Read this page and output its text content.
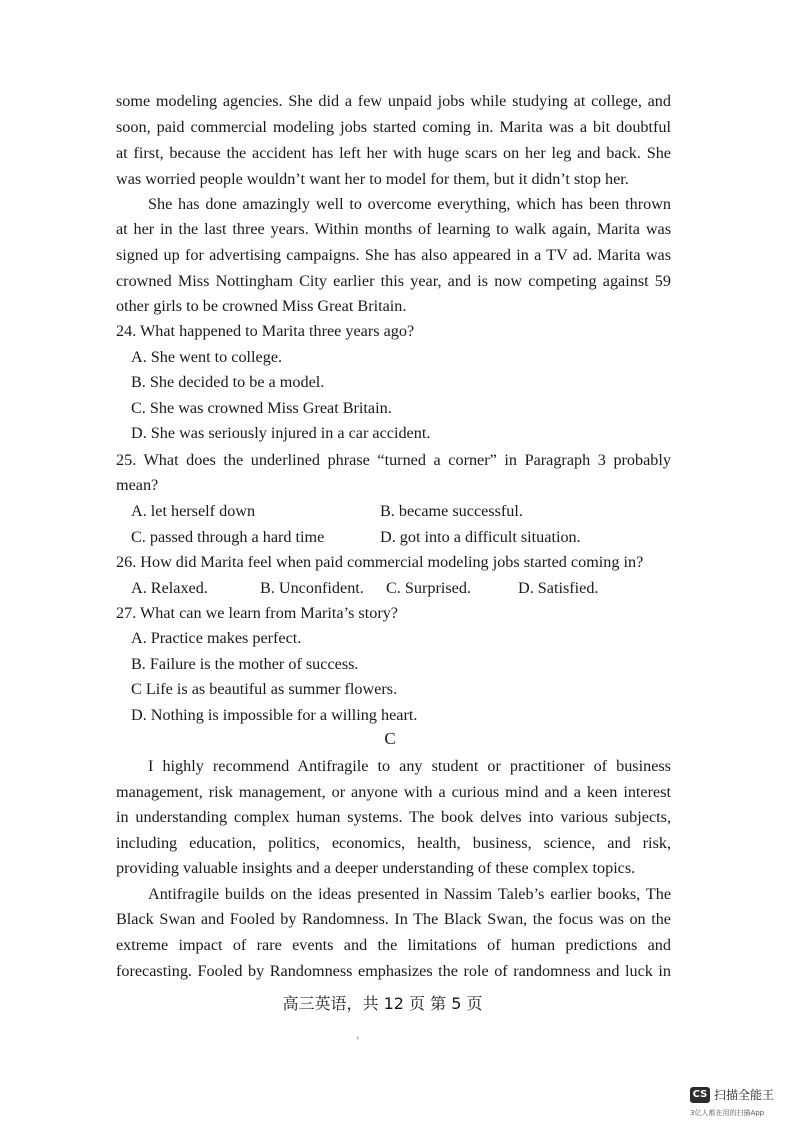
some modeling agencies. She did a few unpaid jobs while studying at college, and
soon, paid commercial modeling jobs started coming in. Marita was a bit doubtful
at first, because the accident has left her with huge scars on her leg and back. She
was worried people wouldn’t want her to model for them, but it didn’t stop her.
She has done amazingly well to overcome everything, which has been thrown
at her in the last three years. Within months of learning to walk again, Marita was
signed up for advertising campaigns. She has also appeared in a TV ad. Marita was
crowned Miss Nottingham City earlier this year, and is now competing against 59
other girls to be crowned Miss Great Britain.
24. What happened to Marita three years ago?
A. She went to college.
B. She decided to be a model.
C. She was crowned Miss Great Britain.
D. She was seriously injured in a car accident.
25. What does the underlined phrase “turned a corner” in Paragraph 3 probably
mean?
A. let herself down	B. became successful.
C. passed through a hard time	D. got into a difficult situation.
26. How did Marita feel when paid commercial modeling jobs started coming in?
A. Relaxed.	B. Unconfident. C. Surprised.	D. Satisfied.
27. What can we learn from Marita’s story?
A. Practice makes perfect.
B. Failure is the mother of success.
C Life is as beautiful as summer flowers.
D. Nothing is impossible for a willing heart.
C
I highly recommend Antifragile to any student or practitioner of business
management, risk management, or anyone with a curious mind and a keen interest
in understanding complex human systems. The book delves into various subjects,
including education, politics, economics, health, business, science, and risk,
providing valuable insights and a deeper understanding of these complex topics.
Antifragile builds on the ideas presented in Nassim Taleb’s earlier books, The
Black Swan and Fooled by Randomness. In The Black Swan, the focus was on the
extreme impact of rare events and the limitations of human predictions and
forecasting. Fooled by Randomness emphasizes the role of randomness and luck in
高三英语，共 12 页 第 5 页
'
CS 扫描全能王
3亿人都在用的扫描App
